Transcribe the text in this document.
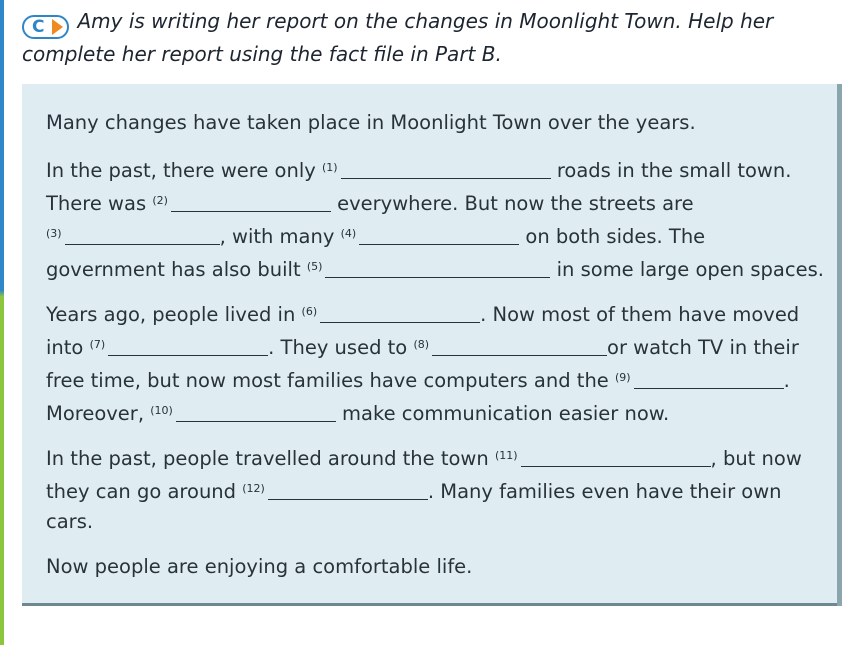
C Amy is writing her report on the changes in Moonlight Town. Help her complete her report using the fact file in Part B.
Many changes have taken place in Moonlight Town over the years.
In the past, there were only $^{(1)}$	roads in the small town.
There was $^{(2)}$	everywhere. But now the streets are
$^{(3)}$	, with many $^{(4)}$	on both sides. The
government has also built $^{(5)}$	in some large open spaces.
Years ago, people lived in $^{(6)}$	. Now most of them have moved
into $^{(7)}$	. They used to $^{(8)}$	or watch TV in their
free time, but now most families have computers and the $^{(9)}$	.
Moreover, $^{(10)}$	make communication easier now.
In the past, people travelled around the town $^{(11)}$	, but now
they can go around $^{(12)}$	. Many families even have their own
cars.
Now people are enjoying a comfortable life.
